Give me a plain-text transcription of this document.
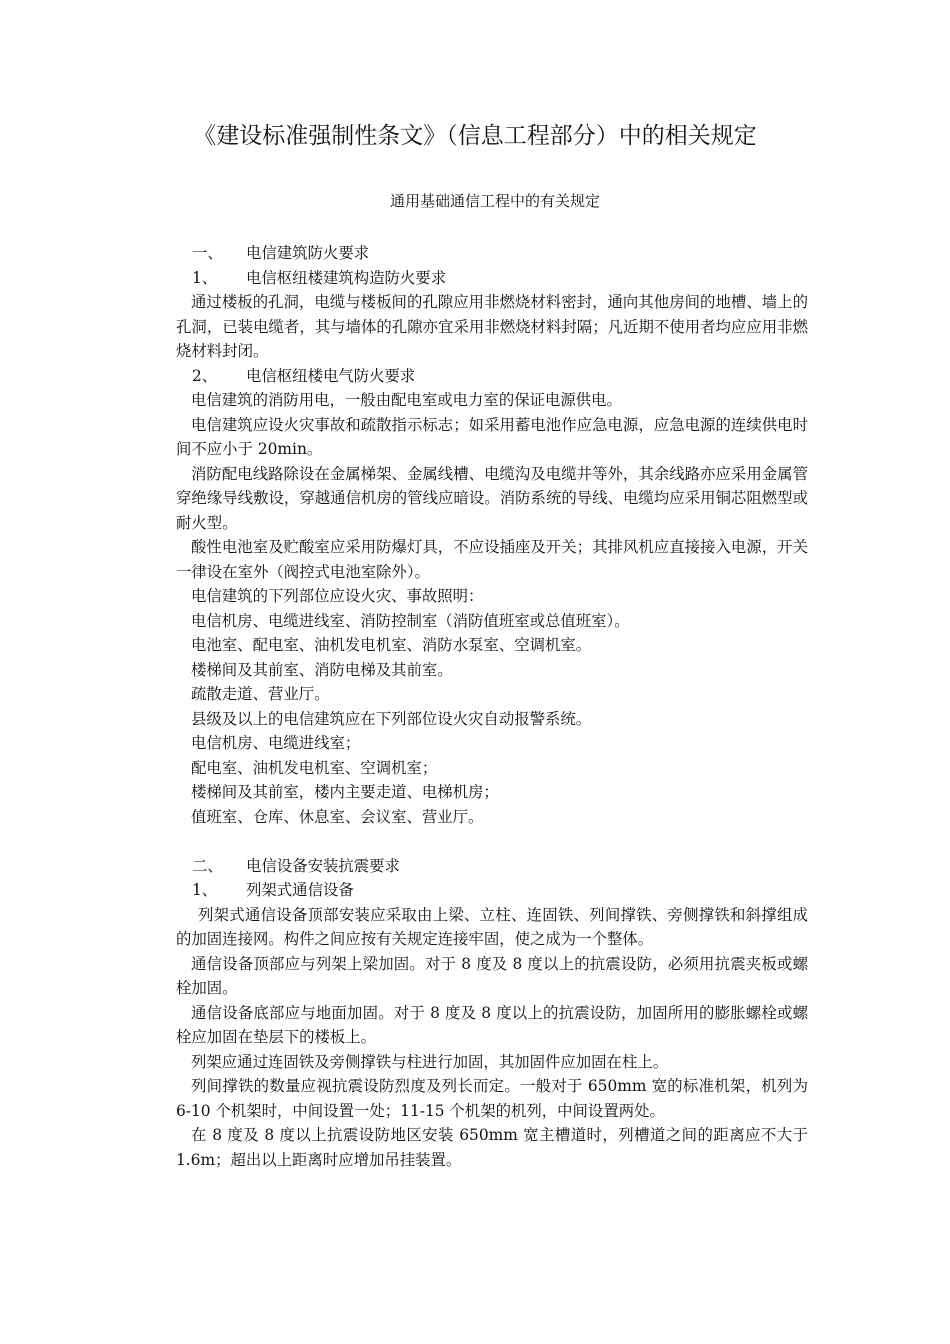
《建设标准强制性条文》（信息工程部分）中的相关规定
通用基础通信工程中的有关规定

一、 电信建筑防火要求

1、 电信枢纽楼建筑构造防火要求

通过楼板的孔洞，电缆与楼板间的孔隙应用非燃烧材料密封，通向其他房间的地槽、墙上的孔洞，已装电缆者，其与墙体的孔隙亦宜采用非燃烧材料封隔；凡近期不使用者均应应用非燃烧材料封闭。

2、 电信枢纽楼电气防火要求

电信建筑的消防用电，一般由配电室或电力室的保证电源供电。

电信建筑应设火灾事故和疏散指示标志；如采用蓄电池作应急电源，应急电源的连续供电时间不应小于 20min。

消防配电线路除设在金属梯架、金属线槽、电缆沟及电缆井等外，其余线路亦应采用金属管穿绝缘导线敷设，穿越通信机房的管线应暗设。消防系统的导线、电缆均应采用铜芯阻燃型或耐火型。

酸性电池室及贮酸室应采用防爆灯具，不应设插座及开关；其排风机应直接接入电源，开关一律设在室外（阀控式电池室除外）。

电信建筑的下列部位应设火灾、事故照明：

电信机房、电缆进线室、消防控制室（消防值班室或总值班室）。

电池室、配电室、油机发电机室、消防水泵室、空调机室。

楼梯间及其前室、消防电梯及其前室。

疏散走道、营业厅。

县级及以上的电信建筑应在下列部位设火灾自动报警系统。

电信机房、电缆进线室；

配电室、油机发电机室、空调机室；

楼梯间及其前室，楼内主要走道、电梯机房；

值班室、仓库、休息室、会议室、营业厅。

二、 电信设备安装抗震要求

1、 列架式通信设备

列架式通信设备顶部安装应采取由上梁、立柱、连固铁、列间撑铁、旁侧撑铁和斜撑组成的加固连接网。构件之间应按有关规定连接牢固，使之成为一个整体。

通信设备顶部应与列架上梁加固。对于 8 度及 8 度以上的抗震设防，必须用抗震夹板或螺栓加固。

通信设备底部应与地面加固。对于 8 度及 8 度以上的抗震设防，加固所用的膨胀螺栓或螺栓应加固在垫层下的楼板上。

列架应通过连固铁及旁侧撑铁与柱进行加固，其加固件应加固在柱上。

列间撑铁的数量应视抗震设防烈度及列长而定。一般对于 650mm 宽的标准机架，机列为 6-10 个机架时，中间设置一处；11-15 个机架的机列，中间设置两处。

在 8 度及 8 度以上抗震设防地区安装 650mm 宽主槽道时，列槽道之间的距离应不大于 1.6m；超出以上距离时应增加吊挂装置。
